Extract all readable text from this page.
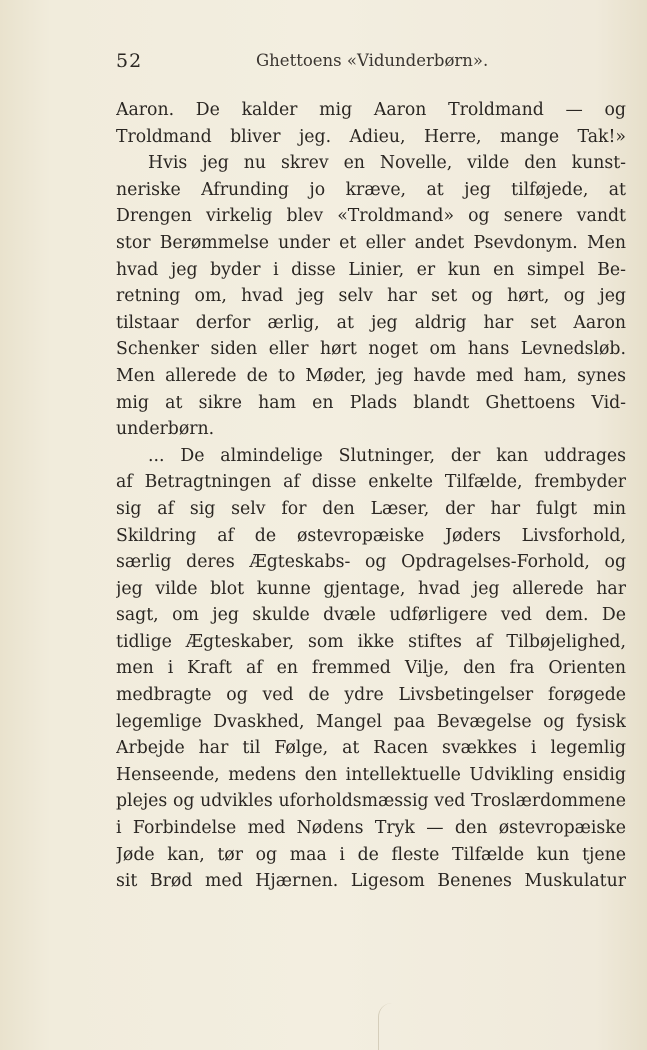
52	Ghettoens «Vidunderbørn».
Aaron. De kalder mig Aaron Troldmand — og
Troldmand bliver jeg. Adieu, Herre, mange Tak!»
Hvis jeg nu skrev en Novelle, vilde den kunst-
neriske Afrunding jo kræve, at jeg tilføjede, at
Drengen virkelig blev «Troldmand» og senere vandt
stor Berømmelse under et eller andet Psevdonym. Men
hvad jeg byder i disse Linier, er kun en simpel Be-
retning om, hvad jeg selv har set og hørt, og jeg
tilstaar derfor ærlig, at jeg aldrig har set Aaron
Schenker siden eller hørt noget om hans Levnedsløb.
Men allerede de to Møder, jeg havde med ham, synes
mig at sikre ham en Plads blandt Ghettoens Vid-
underbørn.
... De almindelige Slutninger, der kan uddrages
af Betragtningen af disse enkelte Tilfælde, frembyder
sig af sig selv for den Læser, der har fulgt min
Skildring af de østevropæiske Jøders Livsforhold,
særlig deres Ægteskabs- og Opdragelses-Forhold, og
jeg vilde blot kunne gjentage, hvad jeg allerede har
sagt, om jeg skulde dvæle udførligere ved dem. De
tidlige Ægteskaber, som ikke stiftes af Tilbøjelighed,
men i Kraft af en fremmed Vilje, den fra Orienten
medbragte og ved de ydre Livsbetingelser forøgede
legemlige Dvaskhed, Mangel paa Bevægelse og fysisk
Arbejde har til Følge, at Racen svækkes i legemlig
Henseende, medens den intellektuelle Udvikling ensidig
plejes og udvikles uforholdsmæssig ved Troslærdommene
i Forbindelse med Nødens Tryk — den østevropæiske
Jøde kan, tør og maa i de fleste Tilfælde kun tjene
sit Brød med Hjærnen. Ligesom Benenes Muskulatur
